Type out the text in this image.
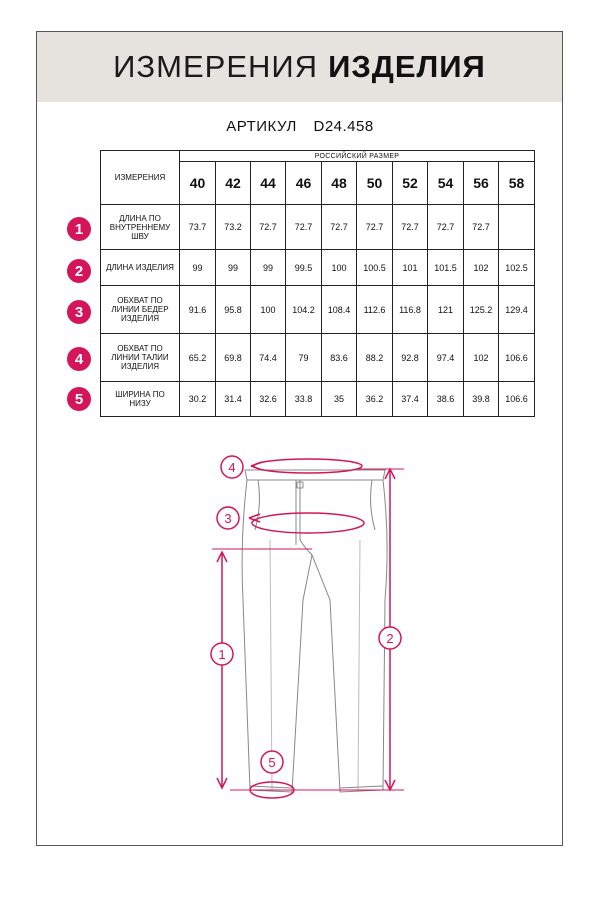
ИЗМЕРЕНИЯ ИЗДЕЛИЯ
АРТИКУЛ D24.458
ИЗМЕРЕНИЯ	РОССИЙСКИЙ РАЗМЕР									
	40	42	44	46	48	50	52	54	56	58
ДЛИНА ПО ВНУТРЕННЕМУ ШВУ	73.7	73.2	72.7	72.7	72.7	72.7	72.7	72.7	72.7	
ДЛИНА ИЗДЕЛИЯ	99	99	99	99.5	100	100.5	101	101.5	102	102.5
ОБХВАТ ПО ЛИНИИ БЕДЕР ИЗДЕЛИЯ	91.6	95.8	100	104.2	108.4	112.6	116.8	121	125.2	129.4
ОБХВАТ ПО ЛИНИИ ТАЛИИ ИЗДЕЛИЯ	65.2	69.8	74.4	79	83.6	88.2	92.8	97.4	102	106.6
ШИРИНА ПО НИЗУ	30.2	31.4	32.6	33.8	35	36.2	37.4	38.6	39.8	106.6
1
2
3
4
5
4
3
1
2
5
